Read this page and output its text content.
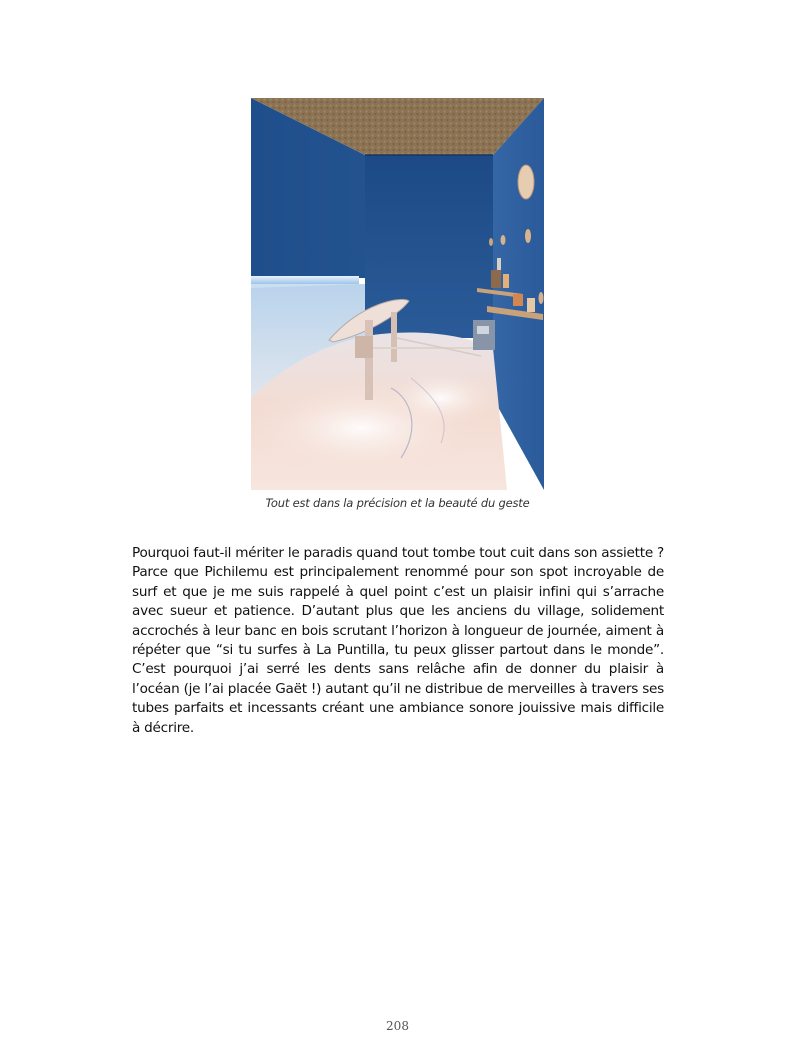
Tout est dans la précision et la beauté du geste

Pourquoi faut-il mériter le paradis quand tout tombe tout cuit dans son assiette ? Parce que Pichilemu est principalement renommé pour son spot incroyable de surf et que je me suis rappelé à quel point c’est un plaisir infini qui s’arrache avec sueur et patience. D’autant plus que les anciens du village, solidement accrochés à leur banc en bois scrutant l’horizon à longueur de journée, aiment à répéter que “si tu surfes à La Puntilla, tu peux glisser partout dans le monde”. C’est pourquoi j’ai serré les dents sans relâche afin de donner du plaisir à l’océan (je l’ai placée Gaët !) autant qu’il ne distribue de merveilles à travers ses tubes parfaits et incessants créant une ambiance sonore jouissive mais difficile à décrire.

208
